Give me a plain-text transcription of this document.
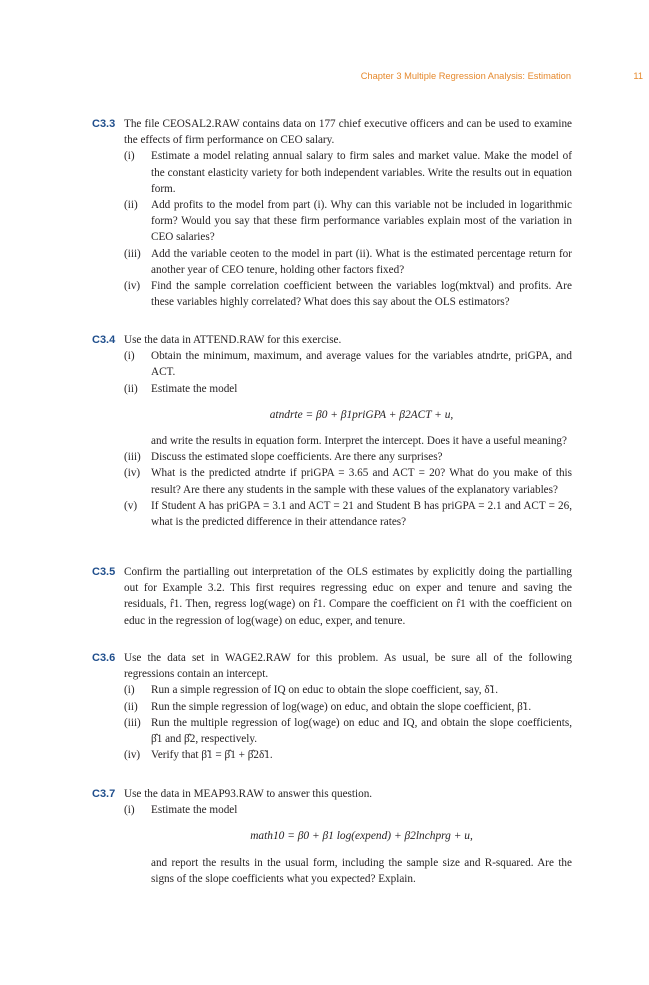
Chapter 3 Multiple Regression Analysis: Estimation	11
C3.3 The file CEOSAL2.RAW contains data on 177 chief executive officers and can be used to examine the effects of firm performance on CEO salary.
(i) Estimate a model relating annual salary to firm sales and market value. Make the model of the constant elasticity variety for both independent variables. Write the results out in equation form.
(ii) Add profits to the model from part (i). Why can this variable not be included in logarithmic form? Would you say that these firm performance variables explain most of the variation in CEO salaries?
(iii) Add the variable ceoten to the model in part (ii). What is the estimated percentage return for another year of CEO tenure, holding other factors fixed?
(iv) Find the sample correlation coefficient between the variables log(mktval) and profits. Are these variables highly correlated? What does this say about the OLS estimators?
C3.4 Use the data in ATTEND.RAW for this exercise.
(i) Obtain the minimum, maximum, and average values for the variables atndrte, priGPA, and ACT.
(ii) Estimate the model
atndrte = β0 + β1priGPA + β2ACT + u,
and write the results in equation form. Interpret the intercept. Does it have a useful meaning?
(iii) Discuss the estimated slope coefficients. Are there any surprises?
(iv) What is the predicted atndrte if priGPA = 3.65 and ACT = 20? What do you make of this result? Are there any students in the sample with these values of the explanatory variables?
(v) If Student A has priGPA = 3.1 and ACT = 21 and Student B has priGPA = 2.1 and ACT = 26, what is the predicted difference in their attendance rates?
C3.5 Confirm the partialling out interpretation of the OLS estimates by explicitly doing the partialling out for Example 3.2. This first requires regressing educ on exper and tenure and saving the residuals, r̂1. Then, regress log(wage) on r̂1. Compare the coefficient on r̂1 with the coefficient on educ in the regression of log(wage) on educ, exper, and tenure.
C3.6 Use the data set in WAGE2.RAW for this problem. As usual, be sure all of the following regressions contain an intercept.
(i) Run a simple regression of IQ on educ to obtain the slope coefficient, say, δ̃1.
(ii) Run the simple regression of log(wage) on educ, and obtain the slope coefficient, β̃1.
(iii) Run the multiple regression of log(wage) on educ and IQ, and obtain the slope coefficients, β̂1 and β̂2, respectively.
(iv) Verify that β̃1 = β̂1 + β̂2δ̃1.
C3.7 Use the data in MEAP93.RAW to answer this question.
(i) Estimate the model
math10 = β0 + β1 log(expend) + β2lnchprg + u,
and report the results in the usual form, including the sample size and R-squared. Are the signs of the slope coefficients what you expected? Explain.
